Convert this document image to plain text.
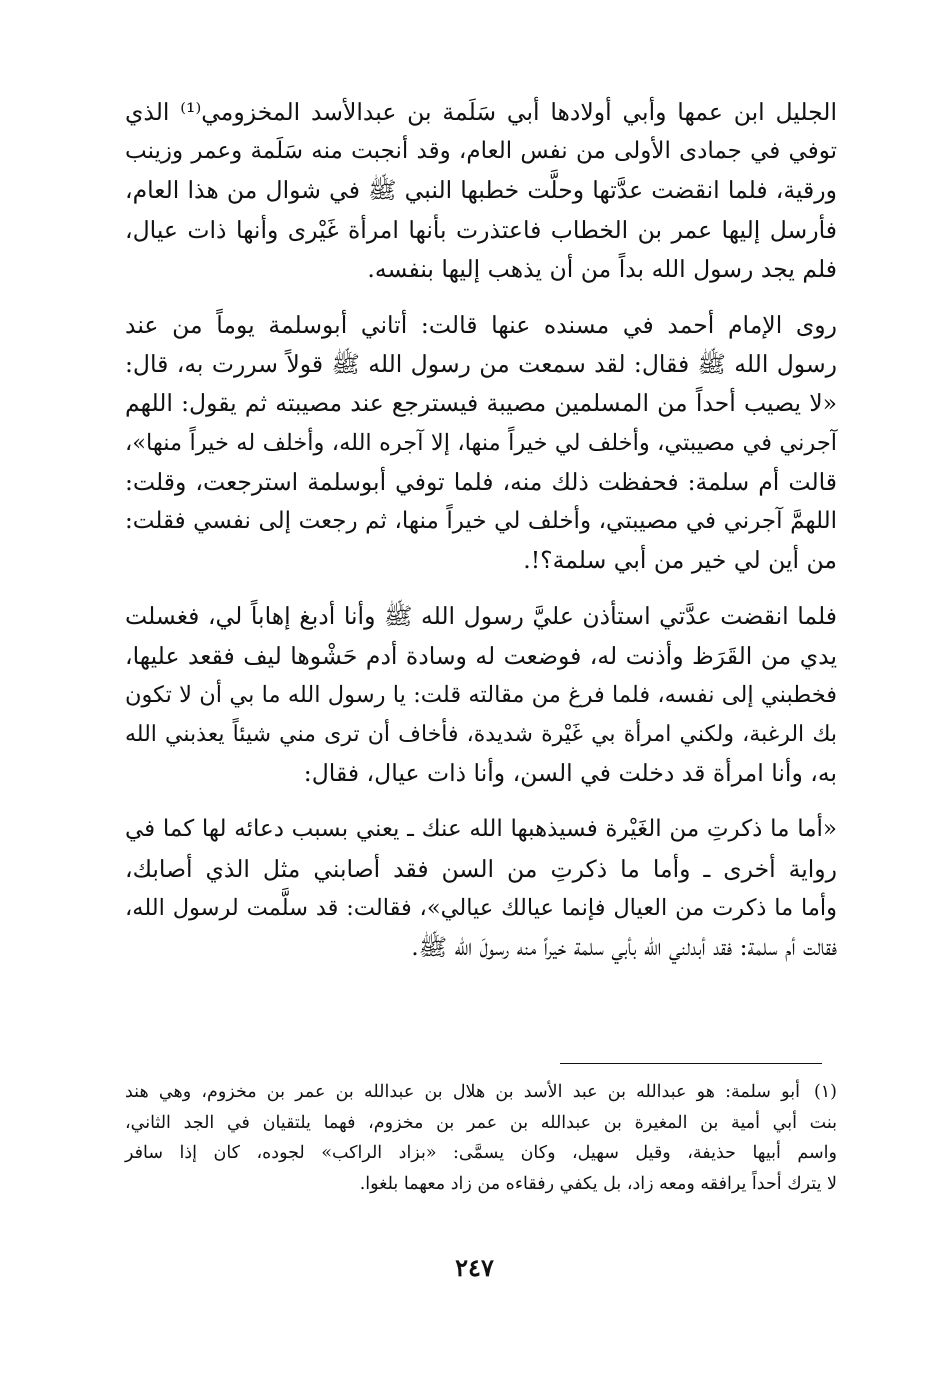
الجليل ابن عمها وأبي أولادها أبي سَلَمة بن عبدالأسد المخزومي⁽¹⁾ الذي
توفي في جمادى الأولى من نفس العام، وقد أنجبت منه سَلَمة وعمر وزينب
ورقية، فلما انقضت عدَّتها وحلَّت خطبها النبي ﷺ في شوال من هذا العام،
فأرسل إليها عمر بن الخطاب فاعتذرت بأنها امرأة غَيْرى وأنها ذات عيال،
فلم يجد رسول الله بداً من أن يذهب إليها بنفسه.

روى الإمام أحمد في مسنده عنها قالت: أتاني أبوسلمة يوماً من عند
رسول الله ﷺ فقال: لقد سمعت من رسول الله ﷺ قولاً سررت به، قال:
«لا يصيب أحداً من المسلمين مصيبة فيسترجع عند مصيبته ثم يقول: اللهم
آجرني في مصيبتي، وأخلف لي خيراً منها، إلا آجره الله، وأخلف له خيراً منها»،
قالت أم سلمة: فحفظت ذلك منه، فلما توفي أبوسلمة استرجعت، وقلت:
اللهمَّ آجرني في مصيبتي، وأخلف لي خيراً منها، ثم رجعت إلى نفسي فقلت:
من أين لي خير من أبي سلمة؟!.

فلما انقضت عدَّتي استأذن عليَّ رسول الله ﷺ وأنا أدبغ إهاباً لي، فغسلت
يدي من القَرَظ وأذنت له، فوضعت له وسادة أدم حَشْوها ليف فقعد عليها،
فخطبني إلى نفسه، فلما فرغ من مقالته قلت: يا رسول الله ما بي أن لا تكون
بك الرغبة، ولكني امرأة بي غَيْرة شديدة، فأخاف أن ترى مني شيئاً يعذبني الله
به، وأنا امرأة قد دخلت في السن، وأنا ذات عيال، فقال:

«أما ما ذكرتِ من الغَيْرة فسيذهبها الله عنك ـ يعني بسبب دعائه لها كما في
رواية أخرى ـ وأما ما ذكرتِ من السن فقد أصابني مثل الذي أصابك،
وأما ما ذكرت من العيال فإنما عيالك عيالي»، فقالت: قد سلَّمت لرسول الله،
فقالت أم سلمة: فقد أبدلني الله بأبي سلمة خيراً منه رسولَ الله ﷺ.

(١)أبو سلمة: هو عبدالله بن عبد الأسد بن هلال بن عبدالله بن عمر بن مخزوم، وهي هند
بنت أبي أمية بن المغيرة بن عبدالله بن عمر بن مخزوم، فهما يلتقيان في الجد الثاني،
واسم أبيها حذيفة، وقيل سهيل، وكان يسمَّى: «بزاد الراكب» لجوده، كان إذا سافر
لا يترك أحداً يرافقه ومعه زاد، بل يكفي رفقاءه من زاد معهما بلغوا.
٢٤٧
